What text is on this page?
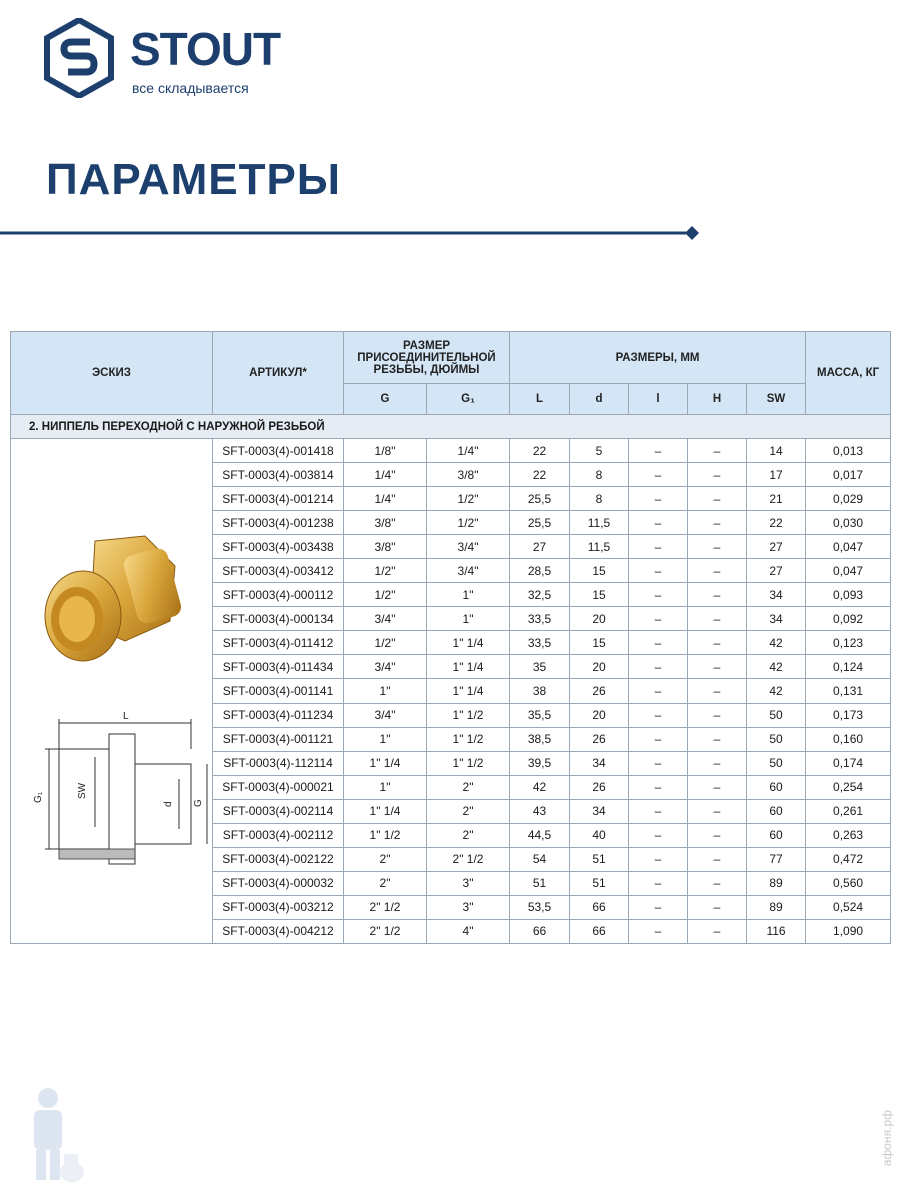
STOUT
все складывается
ПАРАМЕТРЫ
ЭСКИЗ	АРТИКУЛ*	РАЗМЕР ПРИСОЕДИНИТЕЛЬНОЙ РЕЗЬБЫ, ДЮЙМЫ		РАЗМЕРЫ, ММ					МАССА, КГ
		G	G₁	L	d	l	H	SW	
2. НИППЕЛЬ ПЕРЕХОДНОЙ С НАРУЖНОЙ РЕЗЬБОЙ									

L
SW
d G
G₁	SFT-0003(4)-001418	1/8"	1/4"	22	5	–	–	14	0,013
	SFT-0003(4)-003814	1/4"	3/8"	22	8	–	–	17	0,017
	SFT-0003(4)-001214	1/4"	1/2"	25,5	8	–	–	21	0,029
	SFT-0003(4)-001238	3/8"	1/2"	25,5	11,5	–	–	22	0,030
	SFT-0003(4)-003438	3/8"	3/4"	27	11,5	–	–	27	0,047
	SFT-0003(4)-003412	1/2"	3/4"	28,5	15	–	–	27	0,047
	SFT-0003(4)-000112	1/2"	1"	32,5	15	–	–	34	0,093
	SFT-0003(4)-000134	3/4"	1"	33,5	20	–	–	34	0,092
	SFT-0003(4)-011412	1/2"	1" 1/4	33,5	15	–	–	42	0,123
	SFT-0003(4)-011434	3/4"	1" 1/4	35	20	–	–	42	0,124
	SFT-0003(4)-001141	1"	1" 1/4	38	26	–	–	42	0,131
	SFT-0003(4)-011234	3/4"	1" 1/2	35,5	20	–	–	50	0,173
	SFT-0003(4)-001121	1"	1" 1/2	38,5	26	–	–	50	0,160
	SFT-0003(4)-112114	1" 1/4	1" 1/2	39,5	34	–	–	50	0,174
	SFT-0003(4)-000021	1"	2"	42	26	–	–	60	0,254
	SFT-0003(4)-002114	1" 1/4	2"	43	34	–	–	60	0,261
	SFT-0003(4)-002112	1" 1/2	2"	44,5	40	–	–	60	0,263
	SFT-0003(4)-002122	2"	2" 1/2	54	51	–	–	77	0,472
	SFT-0003(4)-000032	2"	3"	51	51	–	–	89	0,560
	SFT-0003(4)-003212	2" 1/2	3"	53,5	66	–	–	89	0,524
	SFT-0003(4)-004212	2" 1/2	4"	66	66	–	–	116	1,090
афоня.рф
